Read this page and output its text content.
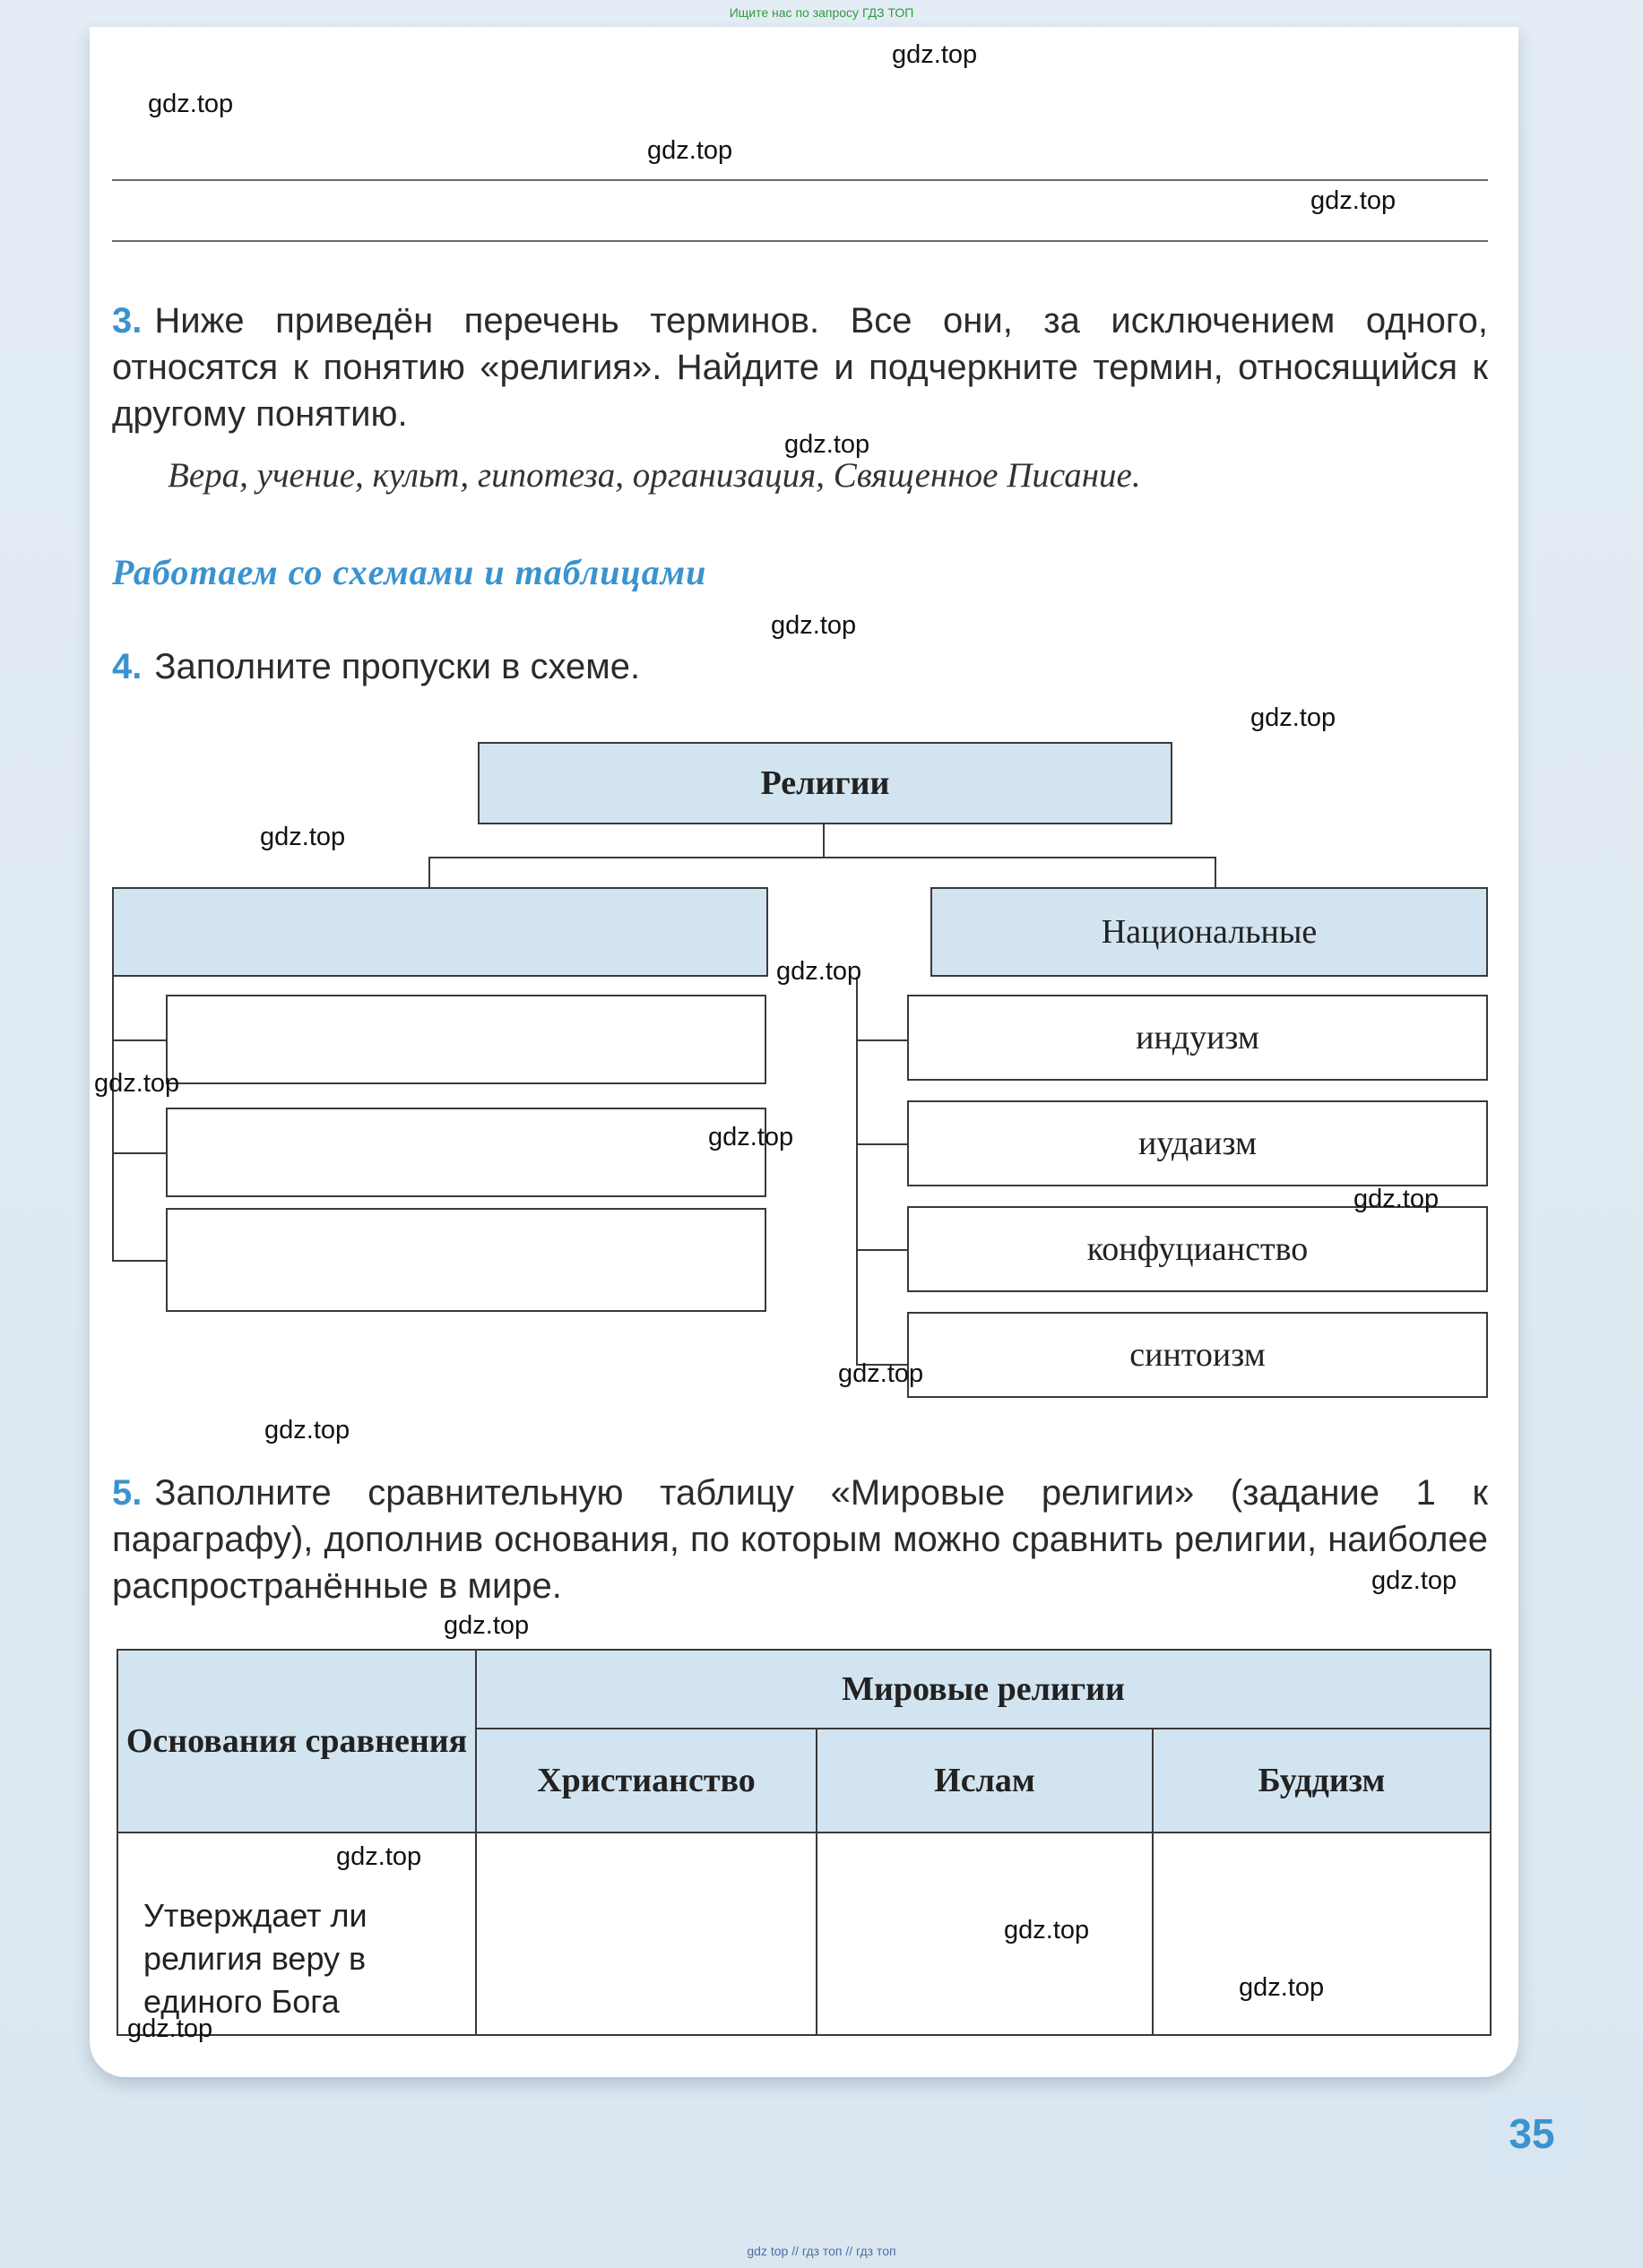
Ищите нас по запросу ГДЗ ТОП
3. Ниже приведён перечень терминов. Все они, за исключением одного, относятся к понятию «религия». Найдите и подчеркните термин, относящийся к другому понятию.
Вера, учение, культ, гипотеза, организация, Священное Писание.
Работаем со схемами и таблицами
4. Заполните пропуски в схеме.
Религии
Национальные
индуизм
иудаизм
конфуцианство
синтоизм
5. Заполните сравнительную таблицу «Мировые религии» (задание 1 к параграфу), дополнив основания, по которым можно сравнить религии, наиболее распространённые в мире.
Основания сравнения	Мировые религии		
	Христианство	Ислам	Буддизм
Утверждает ли религия веру в единого Бога			
35
gdz.top
gdz.top
gdz.top
gdz.top
gdz.top
gdz.top
gdz.top
gdz.top
gdz.top
gdz.top
gdz.top
gdz.top
gdz.top
gdz.top
gdz.top
gdz.top
gdz.top
gdz.top
gdz.top
gdz.top
gdz top // гдз топ // гдз топ
